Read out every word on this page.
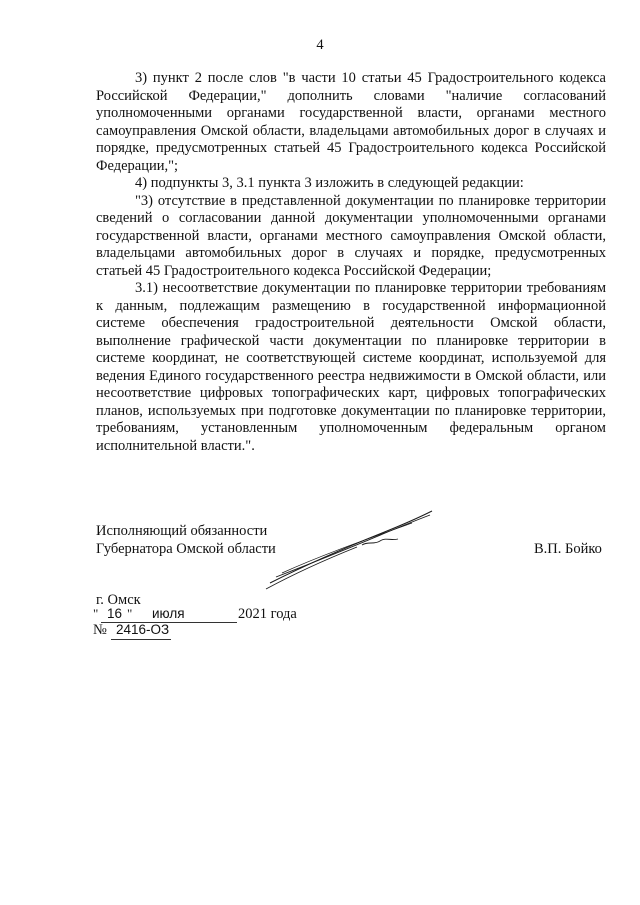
4

3) пункт 2 после слов "в части 10 статьи 45 Градостроительного кодекса Российской Федерации," дополнить словами "наличие согласований уполномоченными органами государственной власти, органами местного самоуправления Омской области, владельцами автомобильных дорог в случаях и порядке, предусмотренных статьей 45 Градостроительного кодекса Российской Федерации,";

4) подпункты 3, 3.1 пункта 3 изложить в следующей редакции:

"3) отсутствие в представленной документации по планировке территории сведений о согласовании данной документации уполномоченными органами государственной власти, органами местного самоуправления Омской области, владельцами автомобильных дорог в случаях и порядке, предусмотренных статьей 45 Градостроительного кодекса Российской Федерации;

3.1) несоответствие документации по планировке территории требованиям к данным, подлежащим размещению в государственной информационной системе обеспечения градостроительной деятельности Омской области, выполнение графической части документации по планировке территории в системе координат, не соответствующей системе координат, используемой для ведения Единого государственного реестра недвижимости в Омской области, или несоответствие цифровых топографических карт, цифровых топографических планов, используемых при подготовке документации по планировке территории, требованиям, установленным уполномоченным федеральным органом исполнительной власти.".

Исполняющий обязанности
Губернатора Омской области	В.П. Бойко
г. Омск
" 16 " июля	2021 года
№ 2416-ОЗ
